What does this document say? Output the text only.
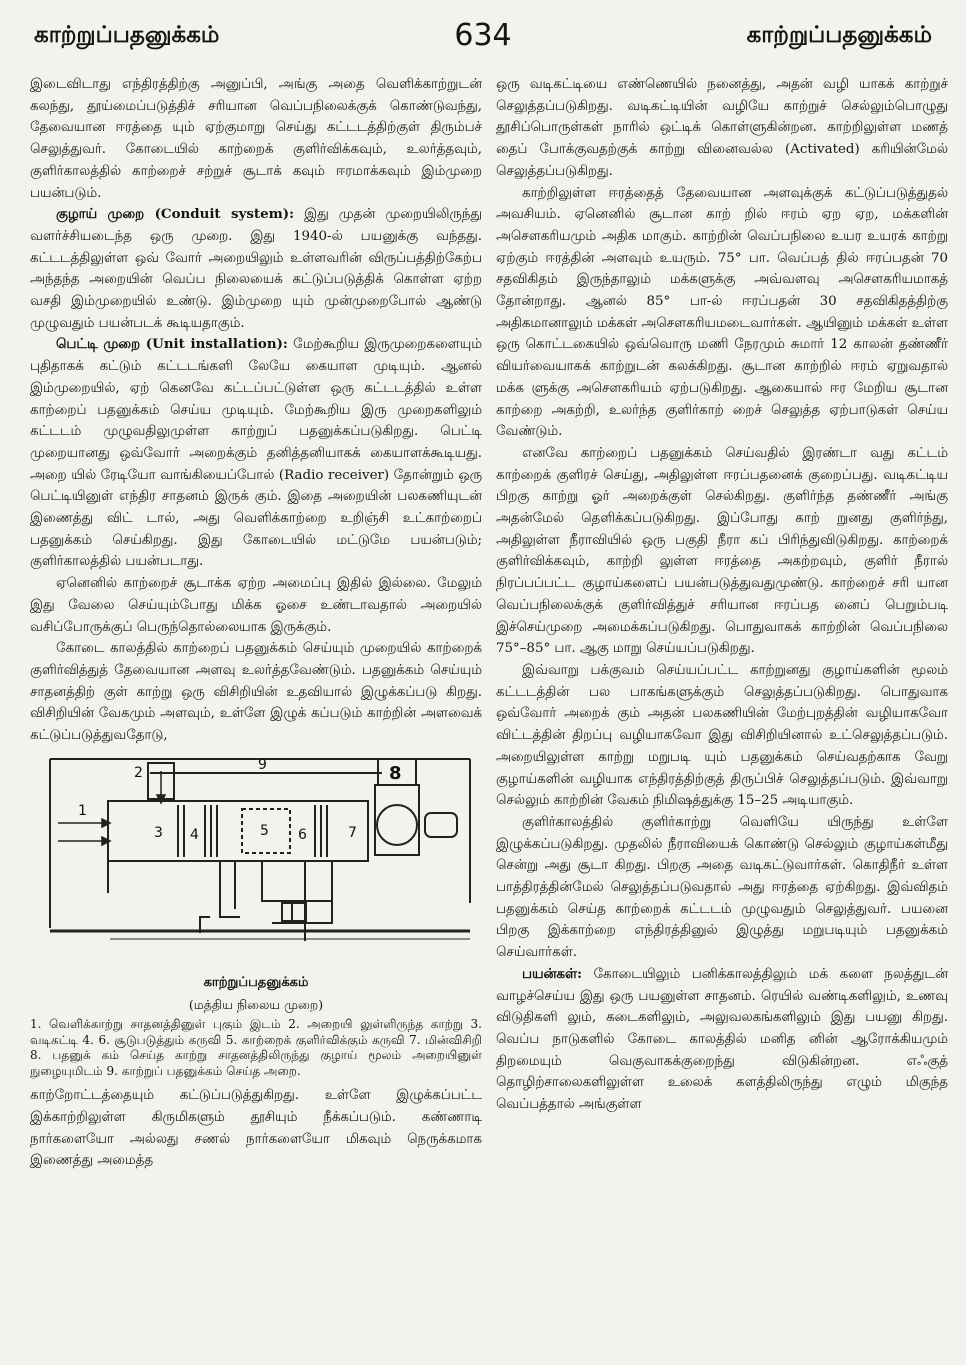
காற்றுப்பதனுக்கம்	634	காற்றுப்பதனுக்கம்

இடைவிடாது எந்திரத்திற்கு அனுப்பி, அங்கு அதை வெளிக்காற்றுடன் கலந்து, தூய்மைப்படுத்திச் சரியான வெப்பநிலைக்குக் கொண்டுவந்து, தேவையான ஈரத்தை யும் ஏற்குமாறு செய்து கட்டடத்திற்குள் திரும்பச் செலுத்துவர். கோடையில் காற்றைக் குளிர்விக்கவும், உலர்த்தவும், குளிர்காலத்தில் காற்றைச் சற்றுச் சூடாக் கவும் ஈரமாக்கவும் இம்முறை பயன்படும்.

குழாய் முறை (Conduit system): இது முதன் முறையிலிருந்து வளர்ச்சியடைந்த ஒரு முறை. இது 1940-ல் பயனுக்கு வந்தது. கட்டடத்திலுள்ள ஒவ் வோர் அறையிலும் உள்ளவரின் விருப்பத்திற்கேற்ப அந்தந்த அறையின் வெப்ப நிலையைக் கட்டுப்படுத்திக் கொள்ள ஏற்ற வசதி இம்முறையில் உண்டு. இம்முறை யும் முன்முறைபோல் ஆண்டு முழுவதும் பயன்படக் கூடியதாகும்.

பெட்டி முறை (Unit installation): மேற்கூறிய இருமுறைகளையும் புதிதாகக் கட்டும் கட்டடங்களி லேயே கையாள முடியும். ஆனல் இம்முறையில், ஏற் கெனவே கட்டப்பட்டுள்ள ஒரு கட்டடத்தில் உள்ள காற்றைப் பதனுக்கம் செய்ய முடியும். மேற்கூறிய இரு முறைகளிலும் கட்டடம் முழுவதிலுமுள்ள காற்றுப் பதனுக்கப்படுகிறது. பெட்டி முறையானது ஒவ்வோர் அறைக்கும் தனித்தனியாகக் கையாளக்கூடியது. அறை யில் ரேடியோ வாங்கியைப்போல் (Radio receiver) தோன்றும் ஒரு பெட்டியினுள் எந்திர சாதனம் இருக் கும். இதை அறையின் பலகணியுடன் இணைத்து விட் டால், அது வெளிக்காற்றை உறிஞ்சி உட்காற்றைப் பதனுக்கம் செய்கிறது. இது கோடையில் மட்டுமே பயன்படும்; குளிர்காலத்தில் பயன்படாது.

ஏனெனில் காற்றைச் சூடாக்க ஏற்ற அமைப்பு இதில் இல்லை. மேலும் இது வேலை செய்யும்போது மிக்க ஓசை உண்டாவதால் அறையில் வசிப்போருக்குப் பெருந்தொல்லையாக இருக்கும்.

கோடை காலத்தில் காற்றைப் பதனுக்கம் செய்யும் முறையில் காற்றைக் குளிர்வித்துத் தேவையான அளவு உலர்த்தவேண்டும். பதனுக்கம் செய்யும் சாதனத்திற் குள் காற்று ஒரு விசிறியின் உதவியால் இழுக்கப்படு கிறது. விசிறியின் வேகமும் அளவும், உள்ளே இழுக் கப்படும் காற்றின் அளவைக் கட்டுப்படுத்துவதோடு,

1
2
3 4	5 6	7
8
9
காற்றுப்பதனுக்கம்
(மத்திய நிலைய முறை)
1. வெளிக்காற்று சாதனத்தினுள் புகும் இடம் 2. அறையி லுள்ளிருந்த காற்று 3. வடிகட்டி 4. 6. சூடுபடுத்தும் கருவி 5. காற்றைக் குளிர்விக்கும் கருவி 7. மின்விசிறி 8. பதனுக் கம் செய்த காற்று சாதனத்திலிருந்து குழாய் மூலம் அறையினுள் நுழையுமிடம் 9. காற்றுப் பதனுக்கம் செய்த அறை.

காற்றோட்டத்தையும் கட்டுப்படுத்துகிறது. உள்ளே இழுக்கப்பட்ட இக்காற்றிலுள்ள கிருமிகளும் தூசியும் நீக்கப்படும். கண்ணாடி நார்களையோ அல்லது சணல் நார்களையோ மிகவும் நெருக்கமாக இணைத்து அமைத்த

ஒரு வடிகட்டியை எண்ணெயில் நனைத்து, அதன் வழி யாகக் காற்றுச் செலுத்தப்படுகிறது. வடிகட்டியின் வழியே காற்றுச் செல்லும்பொழுது தூசிப்பொருள்கள் நாரில் ஒட்டிக் கொள்ளுகின்றன. காற்றிலுள்ள மணத் தைப் போக்குவதற்குக் காற்று வினைவல்ல (Activated) கரியின்மேல் செலுத்தப்படுகிறது.

காற்றிலுள்ள ஈரத்தைத் தேவையான அளவுக்குக் கட்டுப்படுத்துதல் அவசியம். ஏனெனில் சூடான காற் றில் ஈரம் ஏற ஏற, மக்களின் அசௌகரியமும் அதிக மாகும். காற்றின் வெப்பநிலை உயர உயரக் காற்று ஏற்கும் ஈரத்தின் அளவும் உயரும். 75° பா. வெப்பத் தில் ஈரப்பதன் 70 சதவிகிதம் இருந்தாலும் மக்களுக்கு அவ்வளவு அசௌகரியமாகத் தோன்றாது. ஆனல் 85° பா-ல் ஈரப்பதன் 30 சதவிகிதத்திற்கு அதிகமானாலும் மக்கள் அசௌகரியமடைவார்கள். ஆயினும் மக்கள் உள்ள ஒரு கொட்டகையில் ஒவ்வொரு மணி நேரமும் சுமார் 12 காலன் தண்ணீர் வியர்வையாகக் காற்றுடன் கலக்கிறது. சூடான காற்றில் ஈரம் ஏறுவதால் மக்க ளுக்கு அசௌகரியம் ஏற்படுகிறது. ஆகையால் ஈர மேறிய சூடான காற்றை அகற்றி, உலர்ந்த குளிர்காற் றைச் செலுத்த ஏற்பாடுகள் செய்ய வேண்டும்.

எனவே காற்றைப் பதனுக்கம் செய்வதில் இரண்டா வது கட்டம் காற்றைக் குளிரச் செய்து, அதிலுள்ள ஈரப்பதனைக் குறைப்பது. வடிகட்டிய பிறகு காற்று ஓர் அறைக்குள் செல்கிறது. குளிர்ந்த தண்ணீர் அங்கு அதன்மேல் தெளிக்கப்படுகிறது. இப்போது காற் றுனது குளிர்ந்து, அதிலுள்ள நீராவியில் ஒரு பகுதி நீரா கப் பிரிந்துவிடுகிறது. காற்றைக் குளிர்விக்கவும், காற்றி லுள்ள ஈரத்தை அகற்றவும், குளிர் நீரால் நிரப்பப்பட்ட குழாய்களைப் பயன்படுத்துவதுமுண்டு. காற்றைச் சரி யான வெப்பநிலைக்குக் குளிர்வித்துச் சரியான ஈரப்பத னைப் பெறும்படி இச்செய்முறை அமைக்கப்படுகிறது. பொதுவாகக் காற்றின் வெப்பநிலை 75°–85° பா. ஆகு மாறு செய்யப்படுகிறது.

இவ்வாறு பக்குவம் செய்யப்பட்ட காற்றுனது குழாய்களின் மூலம் கட்டடத்தின் பல பாகங்களுக்கும் செலுத்தப்படுகிறது. பொதுவாக ஒவ்வோர் அறைக் கும் அதன் பலகணியின் மேற்புறத்தின் வழியாகவோ விட்டத்தின் திறப்பு வழியாகவோ இது விசிறியினால் உட்செலுத்தப்படும். அறையிலுள்ள காற்று மறுபடி யும் பதனுக்கம் செய்வதற்காக வேறு குழாய்களின் வழியாக எந்திரத்திற்குத் திருப்பிச் செலுத்தப்படும். இவ்வாறு செல்லும் காற்றின் வேகம் நிமிஷத்துக்கு 15–25 அடியாகும்.

குளிர்காலத்தில் குளிர்காற்று வெளியே யிருந்து உள்ளே இழுக்கப்படுகிறது. முதலில் நீராவியைக் கொண்டு செல்லும் குழாய்கள்மீது சென்று அது சூடா கிறது. பிறகு அதை வடிகட்டுவார்கள். கொதிநீர் உள்ள பாத்திரத்தின்மேல் செலுத்தப்படுவதால் அது ஈரத்தை ஏற்கிறது. இவ்விதம் பதனுக்கம் செய்த காற்றைக் கட்டடம் முழுவதும் செலுத்துவர். பயனை பிறகு இக்காற்றை எந்திரத்தினுல் இழுத்து மறுபடியும் பதனுக்கம் செய்வார்கள்.

பயன்கள்: கோடையிலும் பனிக்காலத்திலும் மக் களை நலத்துடன் வாழச்செய்ய இது ஒரு பயனுள்ள சாதனம். ரெயில் வண்டிகளிலும், உணவு விடுதிகளி லும், கடைகளிலும், அலுவலகங்களிலும் இது பயனு கிறது. வெப்ப நாடுகளில் கோடை காலத்தில் மனித னின் ஆரோக்கியமும் திறமையும் வெகுவாகக்குறைந்து விடுகின்றன. எஃகுத் தொழிற்சாலைகளிலுள்ள உலைக் களத்திலிருந்து எழும் மிகுந்த வெப்பத்தால் அங்குள்ள
